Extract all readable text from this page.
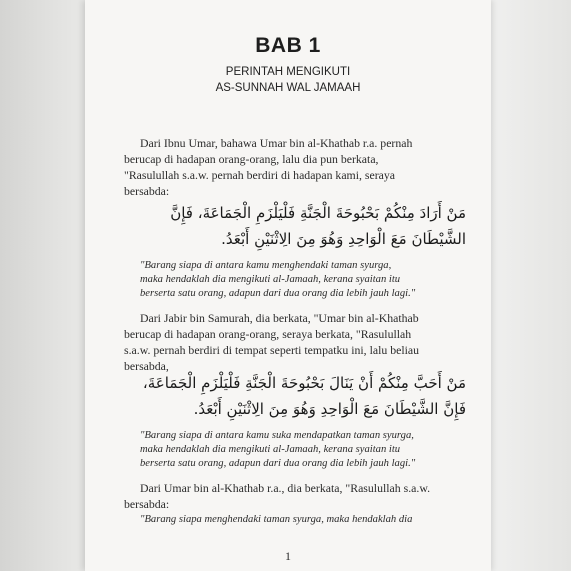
BAB 1
PERINTAH MENGIKUTI
AS-SUNNAH WAL JAMAAH
Dari Ibnu Umar, bahawa Umar bin al-Khathab r.a. pernah
berucap di hadapan orang-orang, lalu dia pun berkata,
"Rasulullah s.a.w. pernah berdiri di hadapan kami, seraya
bersabda:
مَنْ أَرَادَ مِنْكُمْ بَحْبُوحَةَ الْجَنَّةِ فَلْيَلْزَمِ الْجَمَاعَةَ، فَإِنَّ
الشَّيْطَانَ مَعَ الْوَاحِدِ وَهُوَ مِنَ الِاثْنَيْنِ أَبْعَدُ.
"Barang siapa di antara kamu menghendaki taman syurga,
maka hendaklah dia mengikuti al-Jamaah, kerana syaitan itu
berserta satu orang, adapun dari dua orang dia lebih jauh lagi."
Dari Jabir bin Samurah, dia berkata, "Umar bin al-Khathab
berucap di hadapan orang-orang, seraya berkata, "Rasulullah
s.a.w. pernah berdiri di tempat seperti tempatku ini, lalu beliau
bersabda,
مَنْ أَحَبَّ مِنْكُمْ أَنْ يَنَالَ بَحْبُوحَةَ الْجَنَّةِ فَلْيَلْزَمِ الْجَمَاعَةَ،
فَإِنَّ الشَّيْطَانَ مَعَ الْوَاحِدِ وَهُوَ مِنَ الِاثْنَيْنِ أَبْعَدُ.
"Barang siapa di antara kamu suka mendapatkan taman syurga,
maka hendaklah dia mengikuti al-Jamaah, kerana syaitan itu
berserta satu orang, adapun dari dua orang dia lebih jauh lagi."
Dari Umar bin al-Khathab r.a., dia berkata, "Rasulullah s.a.w.
bersabda:
"Barang siapa menghendaki taman syurga, maka hendaklah dia
1
